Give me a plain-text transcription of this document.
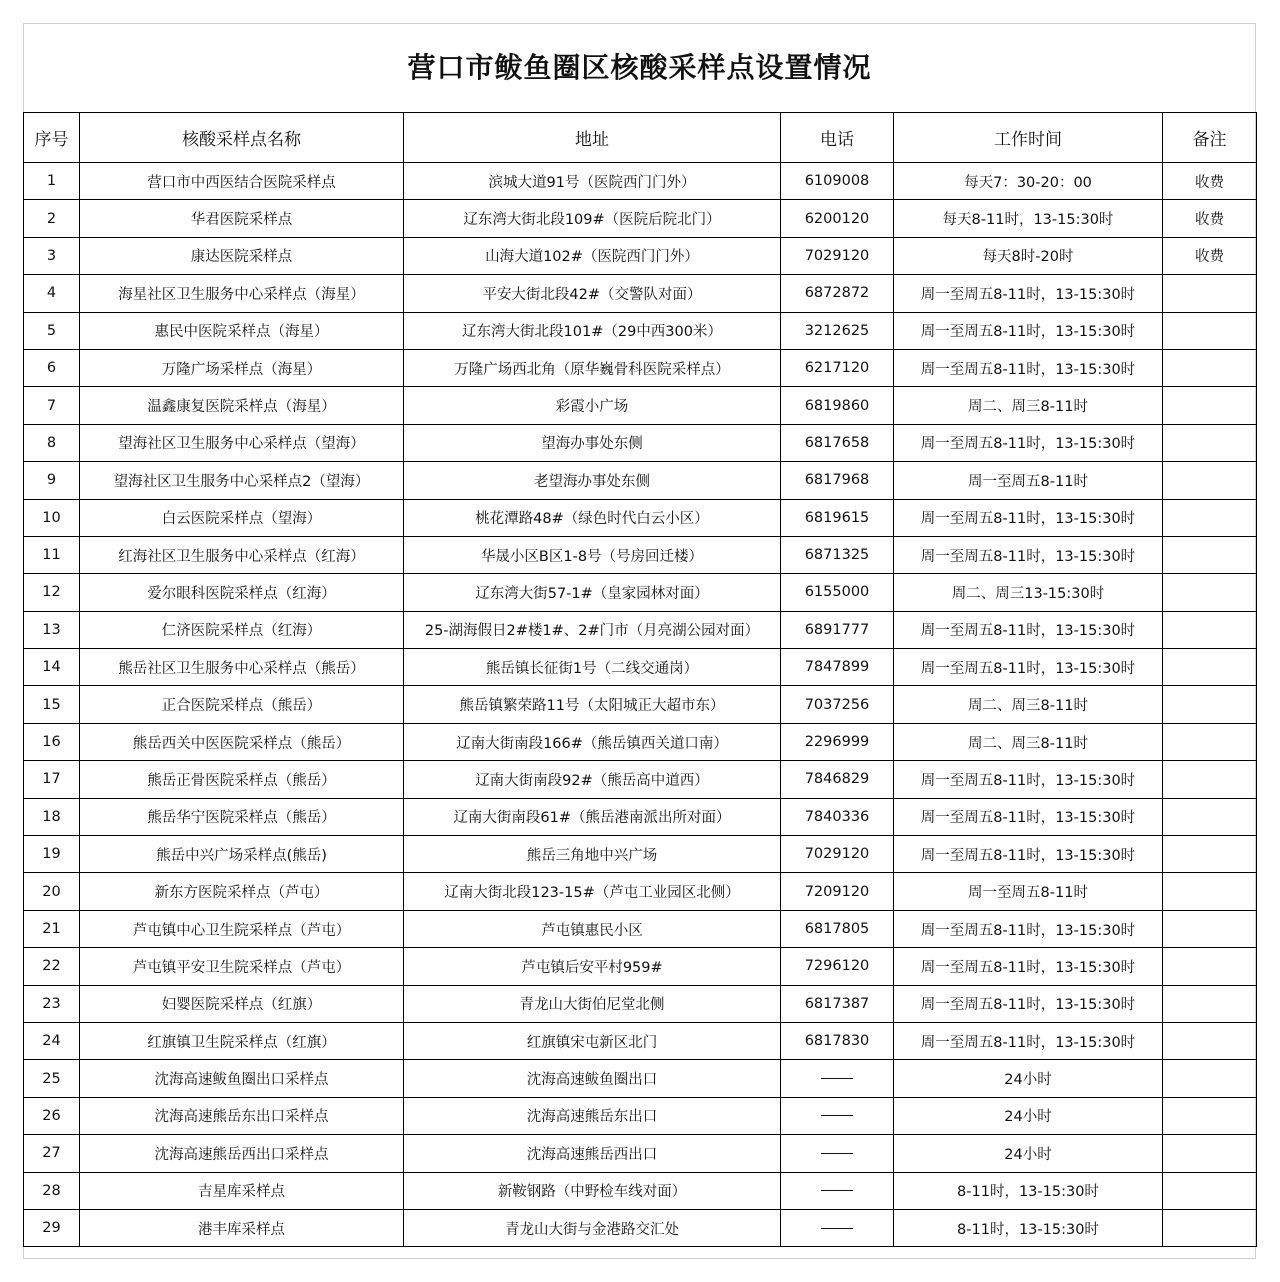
营口市鲅鱼圈区核酸采样点设置情况
序号	核酸采样点名称	地址	电话	工作时间	备注
1	营口市中西医结合医院采样点	滨城大道91号（医院西门门外）	6109008	每天7：30-20：00	收费
2	华君医院采样点	辽东湾大街北段109#（医院后院北门）	6200120	每天8-11时，13-15:30时	收费
3	康达医院采样点	山海大道102#（医院西门门外）	7029120	每天8时-20时	收费
4	海星社区卫生服务中心采样点（海星）	平安大街北段42#（交警队对面）	6872872	周一至周五8-11时，13-15:30时	
5	惠民中医院采样点（海星）	辽东湾大街北段101#（29中西300米）	3212625	周一至周五8-11时，13-15:30时	
6	万隆广场采样点（海星）	万隆广场西北角（原华巍骨科医院采样点）	6217120	周一至周五8-11时，13-15:30时	
7	温鑫康复医院采样点（海星）	彩霞小广场	6819860	周二、周三8-11时	
8	望海社区卫生服务中心采样点（望海）	望海办事处东侧	6817658	周一至周五8-11时，13-15:30时	
9	望海社区卫生服务中心采样点2（望海）	老望海办事处东侧	6817968	周一至周五8-11时	
10	白云医院采样点（望海）	桃花潭路48#（绿色时代白云小区）	6819615	周一至周五8-11时，13-15:30时	
11	红海社区卫生服务中心采样点（红海）	华晟小区B区1-8号（号房回迁楼）	6871325	周一至周五8-11时，13-15:30时	
12	爱尔眼科医院采样点（红海）	辽东湾大街57-1#（皇家园林对面）	6155000	周二、周三13-15:30时	
13	仁济医院采样点（红海）	25-湖海假日2#楼1#、2#门市（月亮湖公园对面）	6891777	周一至周五8-11时，13-15:30时	
14	熊岳社区卫生服务中心采样点（熊岳）	熊岳镇长征街1号（二线交通岗）	7847899	周一至周五8-11时，13-15:30时	
15	正合医院采样点（熊岳）	熊岳镇繁荣路11号（太阳城正大超市东）	7037256	周二、周三8-11时	
16	熊岳西关中医医院采样点（熊岳）	辽南大街南段166#（熊岳镇西关道口南）	2296999	周二、周三8-11时	
17	熊岳正骨医院采样点（熊岳）	辽南大街南段92#（熊岳高中道西）	7846829	周一至周五8-11时，13-15:30时	
18	熊岳华宁医院采样点（熊岳）	辽南大街南段61#（熊岳港南派出所对面）	7840336	周一至周五8-11时，13-15:30时	
19	熊岳中兴广场采样点(熊岳)	熊岳三角地中兴广场	7029120	周一至周五8-11时，13-15:30时	
20	新东方医院采样点（芦屯）	辽南大街北段123-15#（芦屯工业园区北侧）	7209120	周一至周五8-11时	
21	芦屯镇中心卫生院采样点（芦屯）	芦屯镇惠民小区	6817805	周一至周五8-11时，13-15:30时	
22	芦屯镇平安卫生院采样点（芦屯）	芦屯镇后安平村959#	7296120	周一至周五8-11时，13-15:30时	
23	妇婴医院采样点（红旗）	青龙山大街伯尼堂北侧	6817387	周一至周五8-11时，13-15:30时	
24	红旗镇卫生院采样点（红旗）	红旗镇宋屯新区北门	6817830	周一至周五8-11时，13-15:30时	
25	沈海高速鲅鱼圈出口采样点	沈海高速鲅鱼圈出口		24小时	
26	沈海高速熊岳东出口采样点	沈海高速熊岳东出口		24小时	
27	沈海高速熊岳西出口采样点	沈海高速熊岳西出口		24小时	
28	吉星库采样点	新鞍钢路（中野检车线对面）		8-11时，13-15:30时	
29	港丰库采样点	青龙山大街与金港路交汇处		8-11时，13-15:30时	
